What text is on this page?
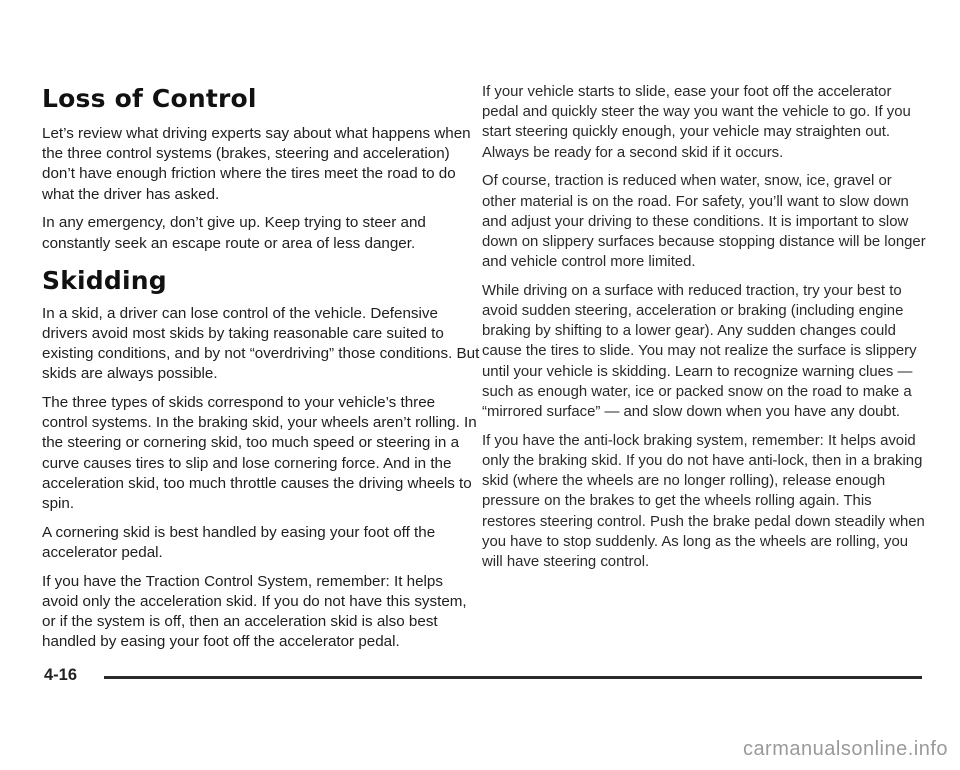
Loss of Control

Let’s review what driving experts say about what happens when the three control systems (brakes, steering and acceleration) don’t have enough friction where the tires meet the road to do what the driver has asked.

In any emergency, don’t give up. Keep trying to steer and constantly seek an escape route or area of less danger.

Skidding

In a skid, a driver can lose control of the vehicle. Defensive drivers avoid most skids by taking reasonable care suited to existing conditions, and by not “overdriving” those conditions. But skids are always possible.

The three types of skids correspond to your vehicle’s three control systems. In the braking skid, your wheels aren’t rolling. In the steering or cornering skid, too much speed or steering in a curve causes tires to slip and lose cornering force. And in the acceleration skid, too much throttle causes the driving wheels to spin.

A cornering skid is best handled by easing your foot off the accelerator pedal.

If you have the Traction Control System, remember: It helps avoid only the acceleration skid. If you do not have this system, or if the system is off, then an acceleration skid is also best handled by easing your foot off the accelerator pedal.

If your vehicle starts to slide, ease your foot off the accelerator pedal and quickly steer the way you want the vehicle to go. If you start steering quickly enough, your vehicle may straighten out. Always be ready for a second skid if it occurs.

Of course, traction is reduced when water, snow, ice, gravel or other material is on the road. For safety, you’ll want to slow down and adjust your driving to these conditions. It is important to slow down on slippery surfaces because stopping distance will be longer and vehicle control more limited.

While driving on a surface with reduced traction, try your best to avoid sudden steering, acceleration or braking (including engine braking by shifting to a lower gear). Any sudden changes could cause the tires to slide. You may not realize the surface is slippery until your vehicle is skidding. Learn to recognize warning clues — such as enough water, ice or packed snow on the road to make a “mirrored surface” — and slow down when you have any doubt.

If you have the anti-lock braking system, remember: It helps avoid only the braking skid. If you do not have anti-lock, then in a braking skid (where the wheels are no longer rolling), release enough pressure on the brakes to get the wheels rolling again. This restores steering control. Push the brake pedal down steadily when you have to stop suddenly. As long as the wheels are rolling, you will have steering control.

4-16
carmanualsonline.info
